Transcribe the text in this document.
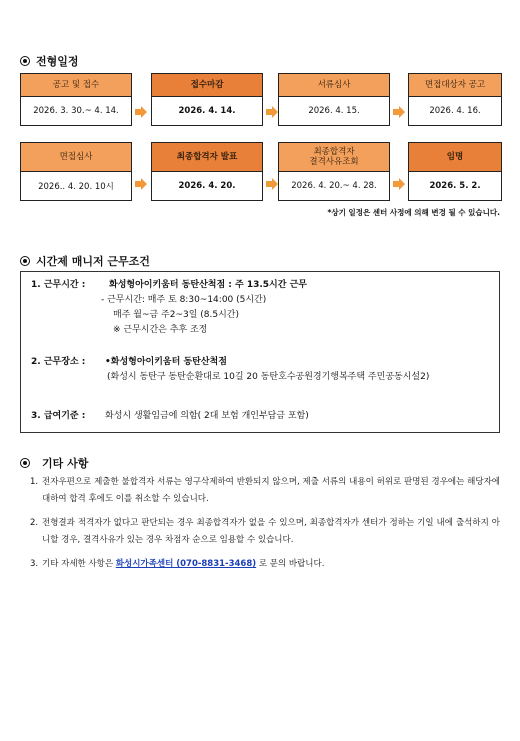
전형일정
공고 및 접수
2026. 3. 30.~ 4. 14.
접수마감
2026. 4. 14.
서류심사
2026. 4. 15.
면접대상자 공고
2026. 4. 16.
면접심사
2026.. 4. 20. 10시
최종합격자 발표
2026. 4. 20.
최종합격자
결격사유조회
2026. 4. 20.~ 4. 28.
임명
2026. 5. 2.
*상기 일정은 센터 사정에 의해 변경 될 수 있습니다.
시간제 매니저 근무조건
1. 근무시간 :	화성형아이키움터 동탄산척점 : 주 13.5시간 근무
- 근무시간: 매주 토 8:30~14:00 (5시간)
매주 월~금 주2~3일 (8.5시간)
※ 근무시간은 추후 조정
2. 근무장소 : •화성형아이키움터 동탄산척점
(화성시 동탄구 동탄순환대로 10길 20 동탄호수공원경기행복주택 주민공동시설2)
3. 급여기준 : 화성시 생활임금에 의함( 2대 보험 개인부담금 포함)
기타 사항
1. 전자우편으로 제출한 불합격자 서류는 영구삭제하여 반환되지 않으며, 제출 서류의 내용이 허위로 판명된 경우에는 해당자에 대하여 합격 후에도 이를 취소할 수 있습니다.
2. 전형결과 적격자가 없다고 판단되는 경우 최종합격자가 없을 수 있으며, 최종합격자가 센터가 정하는 기일 내에 출석하지 아니할 경우, 결격사유가 있는 경우 차점자 순으로 임용할 수 있습니다.
3. 기타 자세한 사항은 화성시가족센터 (070-8831-3468) 로 문의 바랍니다.
